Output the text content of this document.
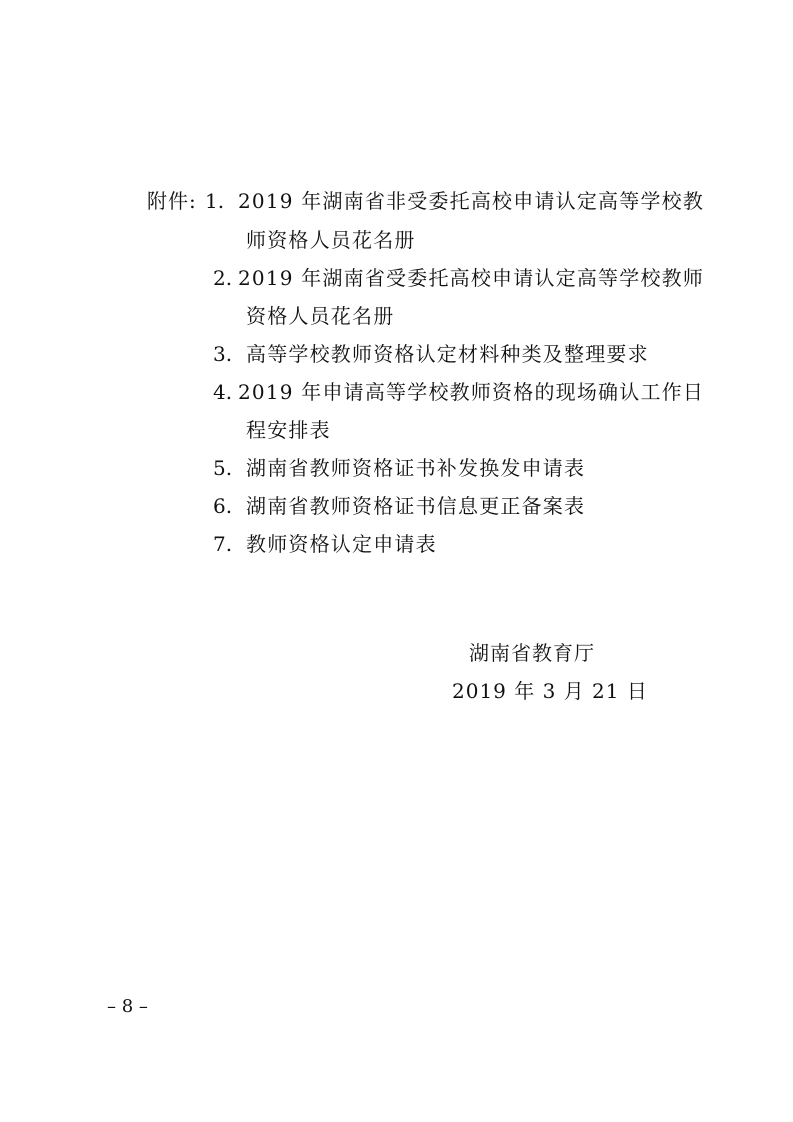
附件: 1. 2019 年湖南省非受委托高校申请认定高等学校教
师资格人员花名册
2. 2019 年湖南省受委托高校申请认定高等学校教师
资格人员花名册
3. 高等学校教师资格认定材料种类及整理要求
4. 2019 年申请高等学校教师资格的现场确认工作日
程安排表
5. 湖南省教师资格证书补发换发申请表
6. 湖南省教师资格证书信息更正备案表
7. 教师资格认定申请表
湖南省教育厅
2019 年 3 月 21 日
– 8 –
